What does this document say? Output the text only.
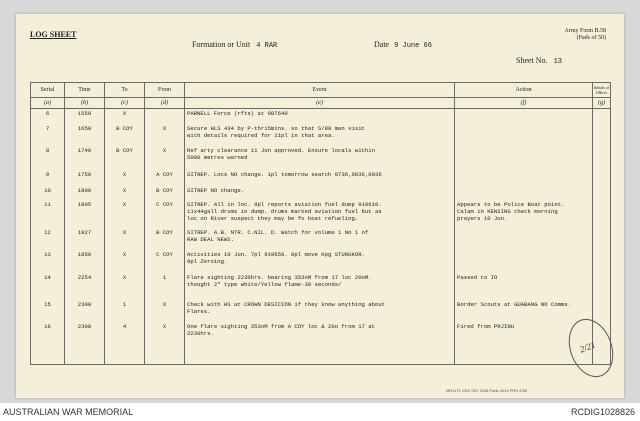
LOG SHEET
Formation or Unit 4 RAR	Date 9 June 66
Army Form B.58
(Pads of 50)
Sheet No. 13
Serial	Time	To	From	Event	Action	Initials of Officer
(a)	(b)	(c)	(d)	(e)	(f)	(g)
6	1550	X		PARNELL Force (rfts) at 087640		
7	1650	B COY	X	Secure HLS 434 by P-thr15mins. so that S/88 man visit
with details required for 11pl in that area.		
8	1740	B COY	X	Ref arty clearance 11 Jun approved. Ensure locals within
5000 metres warned		
9	1750	X	A COY	SITREP. Locs NO change. 1pl tomorrow search 0736,0836,0936		
10	1800	X	B COY	SITREP NO change.		
11	1805	X	C COY	SITREP. All in loc. 9pl reports aviation fuel dump 910610.
11x44gall drums in dump. drums marked aviation fuel but as
loc on River suspect they may be fo boat refueling.	Appears to be Police Boat point.
Calam in KENSING check morning
prayers 10 Jun.	
12	1827	X	B COY	SITREP. A.B. NTR. C.NIL. D. Watch for volume 1 No 1 of
RAW DEAL NEWS.		
13	1850	X	C COY	Activities 10 Jun. 7pl 910650. 8pl move Kpg STUNGKOR.
9pl Zeroing.		
14	2254	X	1	Flare sighting 2230hrs. bearing 353oM from 17 loc 20oM.
thought 2" type white/Yellow flame-30 seconds/	Passed to IO	
15	2300	1	X	Check with HS at CROWN DESICION if they know anything about
Flares.	Border Scouts at GUABANG NO Comms.	
16	2308	4	X	One flare sighting 353oM from A COY loc & 20o from 17 at
2230hrs.	Fired from PRJINU	

MR1170 13M 7/67 1158 Pads 4014 PRH 2/65
2/21
AUSTRALIAN WAR MEMORIAL	RCDIG1028826
